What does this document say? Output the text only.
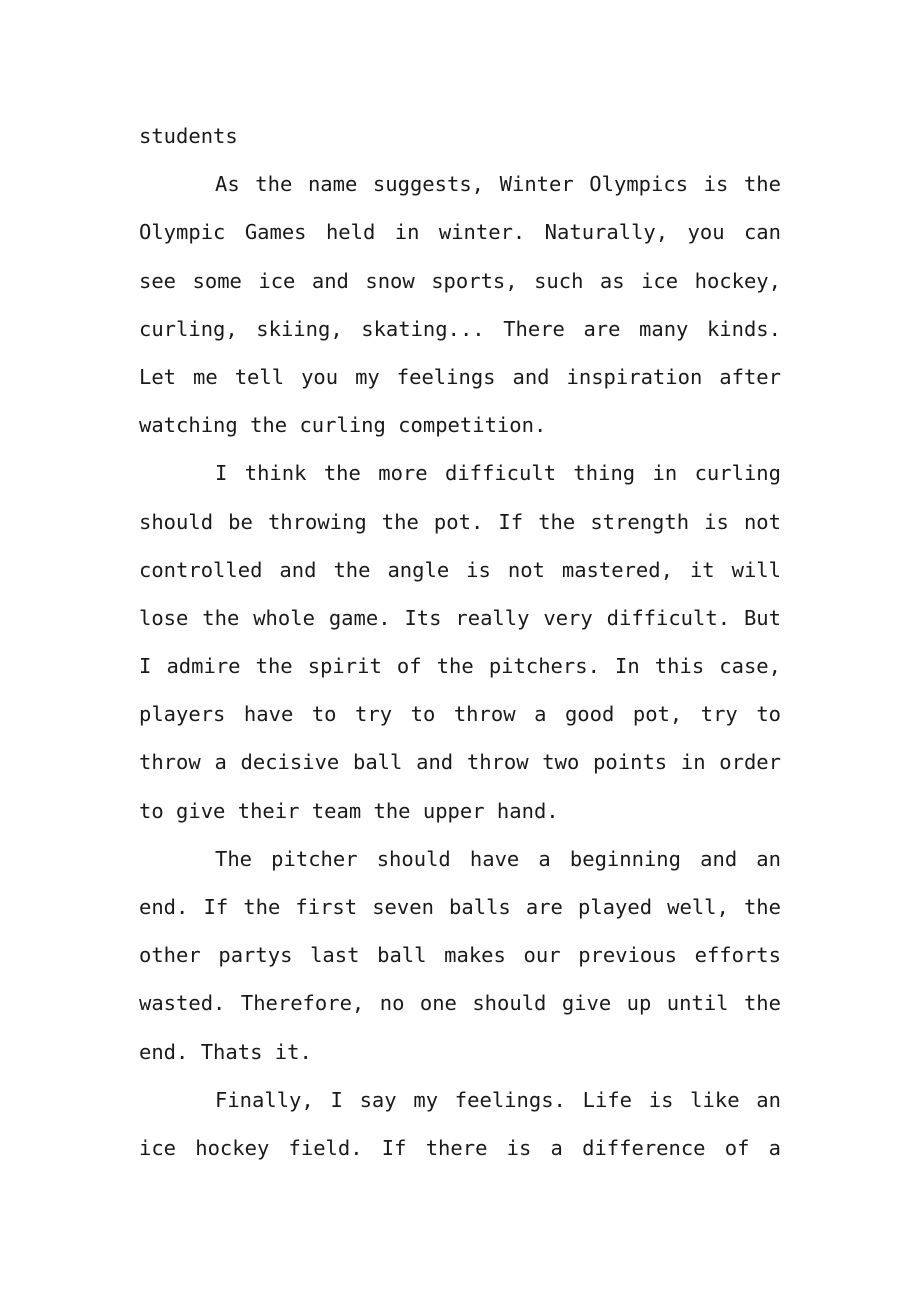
students
As the name suggests, Winter Olympics is the
Olympic Games held in winter. Naturally, you can
see some ice and snow sports, such as ice hockey,
curling, skiing, skating... There are many kinds.
Let me tell you my feelings and inspiration after
watching the curling competition.
I think the more difficult thing in curling
should be throwing the pot. If the strength is not
controlled and the angle is not mastered, it will
lose the whole game. Its really very difficult. But
I admire the spirit of the pitchers. In this case,
players have to try to throw a good pot, try to
throw a decisive ball and throw two points in order
to give their team the upper hand.
The pitcher should have a beginning and an
end. If the first seven balls are played well, the
other partys last ball makes our previous efforts
wasted. Therefore, no one should give up until the
end. Thats it.
Finally, I say my feelings. Life is like an
ice hockey field. If there is a difference of a
